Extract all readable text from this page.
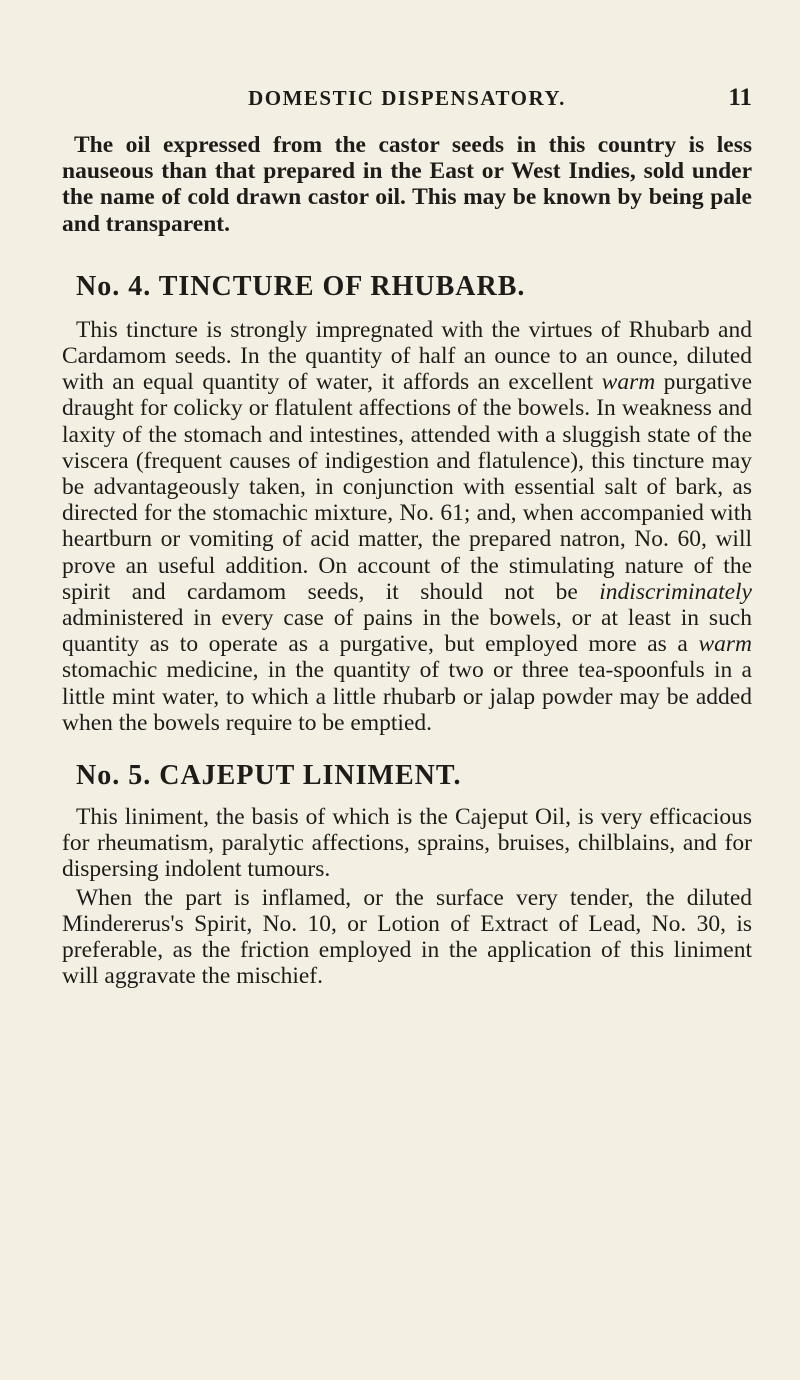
DOMESTIC DISPENSATORY.	11

The oil expressed from the castor seeds in this country is less nauseous than that prepared in the East or West Indies, sold under the name of cold drawn castor oil. This may be known by being pale and transparent.

No. 4. TINCTURE OF RHUBARB.

This tincture is strongly impregnated with the virtues of Rhubarb and Cardamom seeds. In the quantity of half an ounce to an ounce, diluted with an equal quantity of water, it affords an excellent warm purgative draught for colicky or flatulent affections of the bowels. In weakness and laxity of the stomach and intestines, attended with a sluggish state of the viscera (frequent causes of indigestion and flatulence), this tincture may be advantageously taken, in conjunction with essential salt of bark, as directed for the stomachic mixture, No. 61; and, when accompanied with heartburn or vomiting of acid matter, the prepared natron, No. 60, will prove an useful addition. On account of the stimulating nature of the spirit and cardamom seeds, it should not be indiscriminately administered in every case of pains in the bowels, or at least in such quantity as to operate as a purgative, but employed more as a warm stomachic medicine, in the quantity of two or three tea-spoonfuls in a little mint water, to which a little rhubarb or jalap powder may be added when the bowels require to be emptied.

No. 5. CAJEPUT LINIMENT.

This liniment, the basis of which is the Cajeput Oil, is very efficacious for rheumatism, paralytic affections, sprains, bruises, chilblains, and for dispersing indolent tumours.

When the part is inflamed, or the surface very tender, the diluted Mindererus's Spirit, No. 10, or Lotion of Extract of Lead, No. 30, is preferable, as the friction employed in the application of this liniment will aggravate the mischief.
